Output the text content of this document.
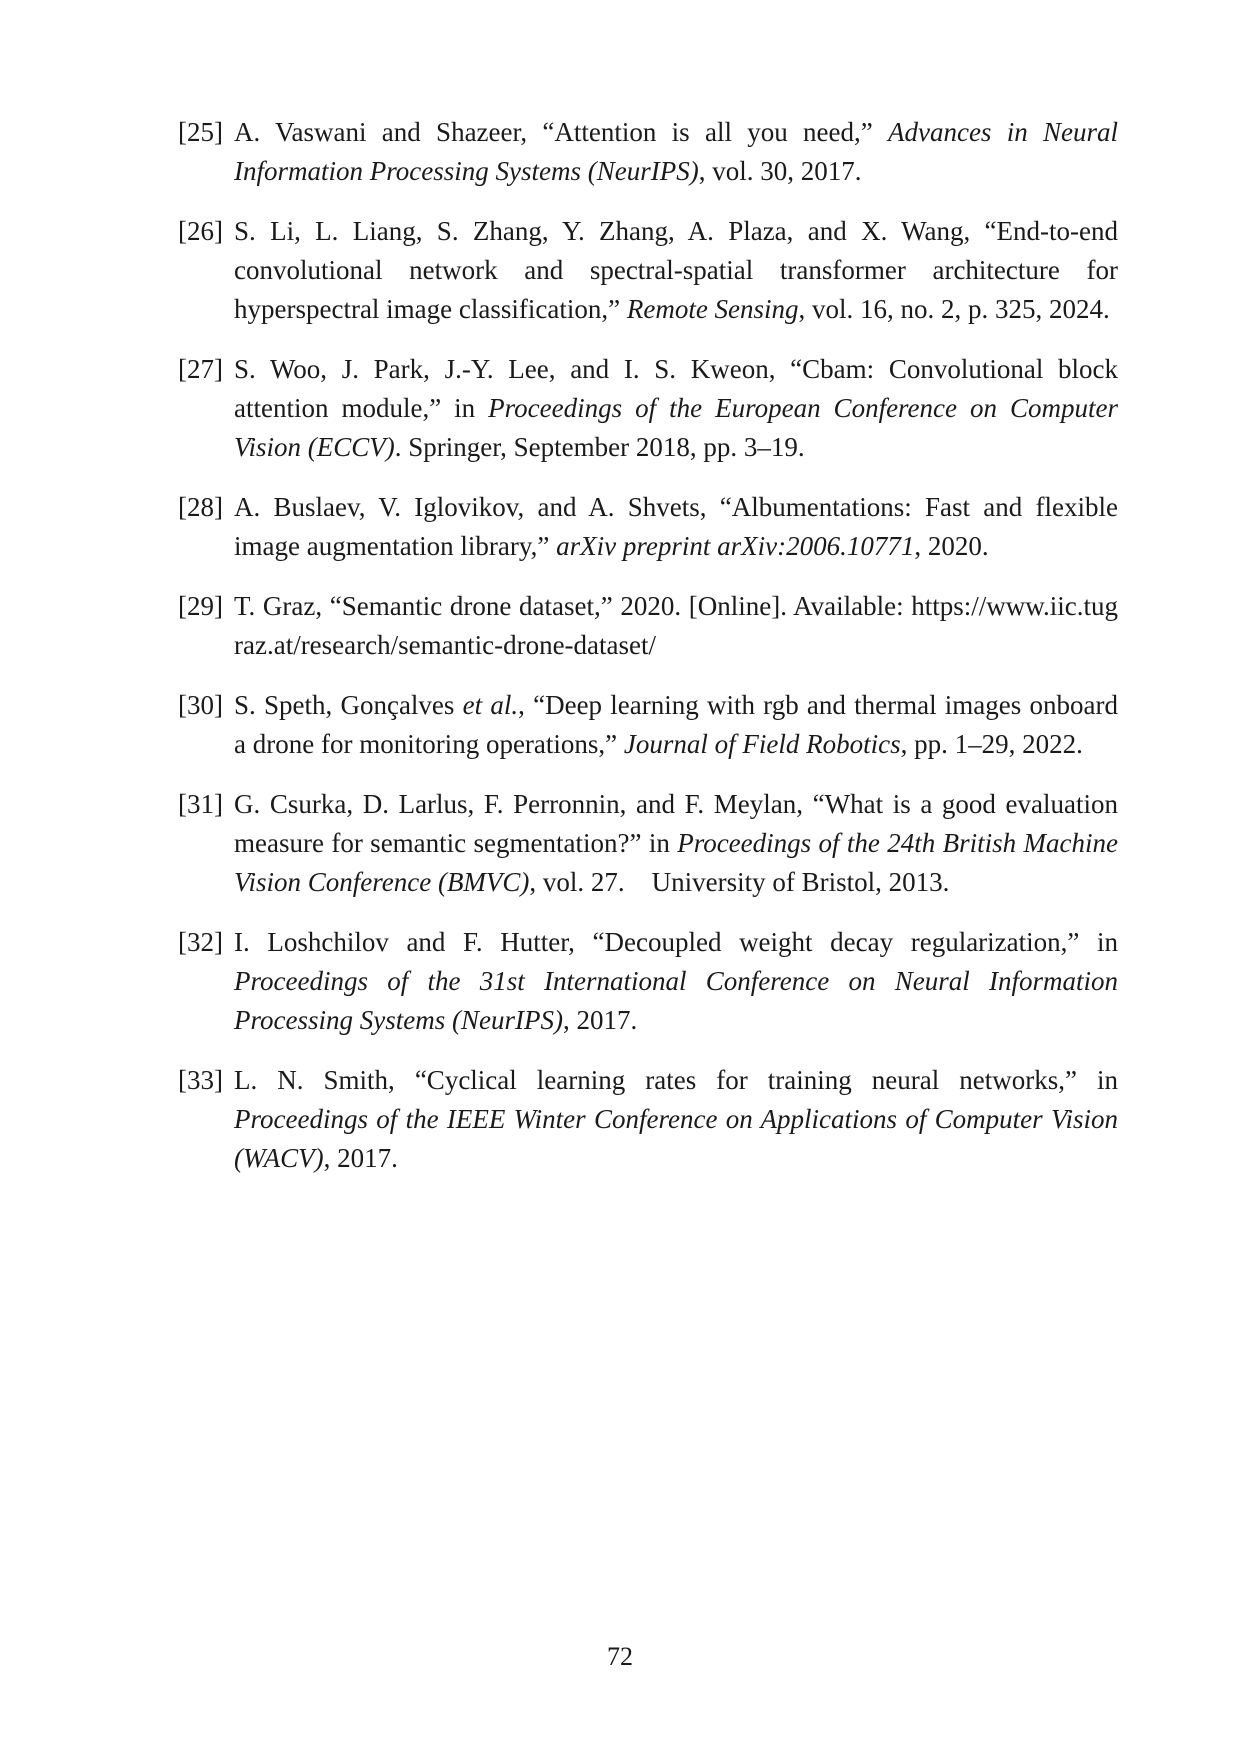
[25] A. Vaswani and Shazeer, “Attention is all you need,” Advances in Neural Information Processing Systems (NeurIPS), vol. 30, 2017.
[26] S. Li, L. Liang, S. Zhang, Y. Zhang, A. Plaza, and X. Wang, “End-to-end convolutional network and spectral-spatial transformer architecture for hyperspectral image classification,” Remote Sensing, vol. 16, no. 2, p. 325, 2024.
[27] S. Woo, J. Park, J.-Y. Lee, and I. S. Kweon, “Cbam: Convolutional block attention module,” in Proceedings of the European Conference on Computer Vision (ECCV). Springer, September 2018, pp. 3–19.
[28] A. Buslaev, V. Iglovikov, and A. Shvets, “Albumentations: Fast and flexible image augmentation library,” arXiv preprint arXiv:2006.10771, 2020.
[29] T. Graz, “Semantic drone dataset,” 2020. [Online]. Available: https://www.iic.tugraz.at/research/semantic-drone-dataset/
[30] S. Speth, Gonçalves et al., “Deep learning with rgb and thermal images onboard a drone for monitoring operations,” Journal of Field Robotics, pp. 1–29, 2022.
[31] G. Csurka, D. Larlus, F. Perronnin, and F. Meylan, “What is a good evaluation measure for semantic segmentation?” in Proceedings of the 24th British Machine Vision Conference (BMVC), vol. 27. University of Bristol, 2013.
[32] I. Loshchilov and F. Hutter, “Decoupled weight decay regularization,” in Proceedings of the 31st International Conference on Neural Information Processing Systems (NeurIPS), 2017.
[33] L. N. Smith, “Cyclical learning rates for training neural networks,” in Proceedings of the IEEE Winter Conference on Applications of Computer Vision (WACV), 2017.
72
